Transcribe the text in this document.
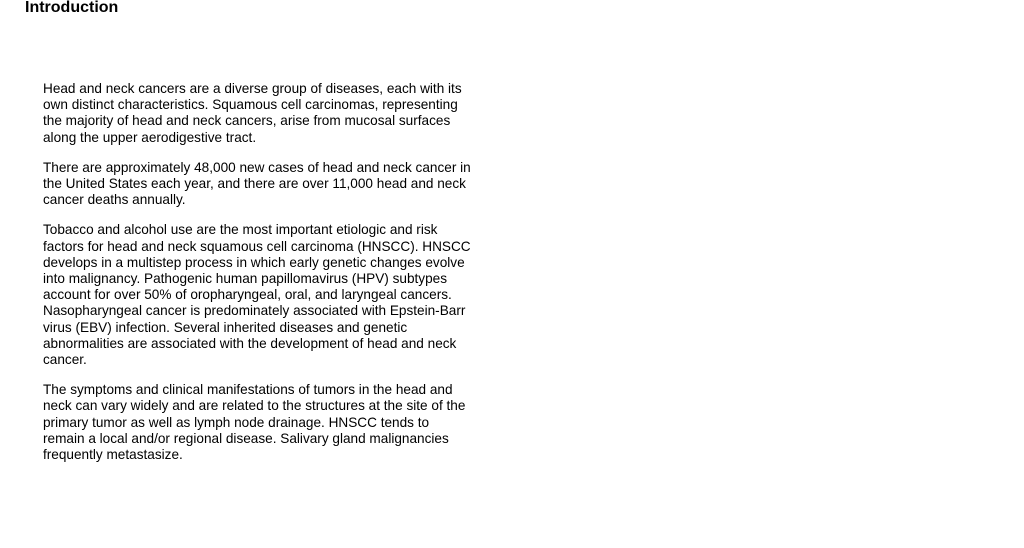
Introduction

Head and neck cancers are a diverse group of diseases, each with its own distinct characteristics. Squamous cell carcinomas, representing the majority of head and neck cancers, arise from mucosal surfaces along the upper aerodigestive tract.

There are approximately 48,000 new cases of head and neck cancer in the United States each year, and there are over 11,000 head and neck cancer deaths annually.

Tobacco and alcohol use are the most important etiologic and risk factors for head and neck squamous cell carcinoma (HNSCC). HNSCC develops in a multistep process in which early genetic changes evolve into malignancy. Pathogenic human papillomavirus (HPV) subtypes account for over 50% of oropharyngeal, oral, and laryngeal cancers. Nasopharyngeal cancer is predominately associated with Epstein-Barr virus (EBV) infection. Several inherited diseases and genetic abnormalities are associated with the development of head and neck cancer.

The symptoms and clinical manifestations of tumors in the head and neck can vary widely and are related to the structures at the site of the primary tumor as well as lymph node drainage. HNSCC tends to remain a local and/or regional disease. Salivary gland malignancies frequently metastasize.
